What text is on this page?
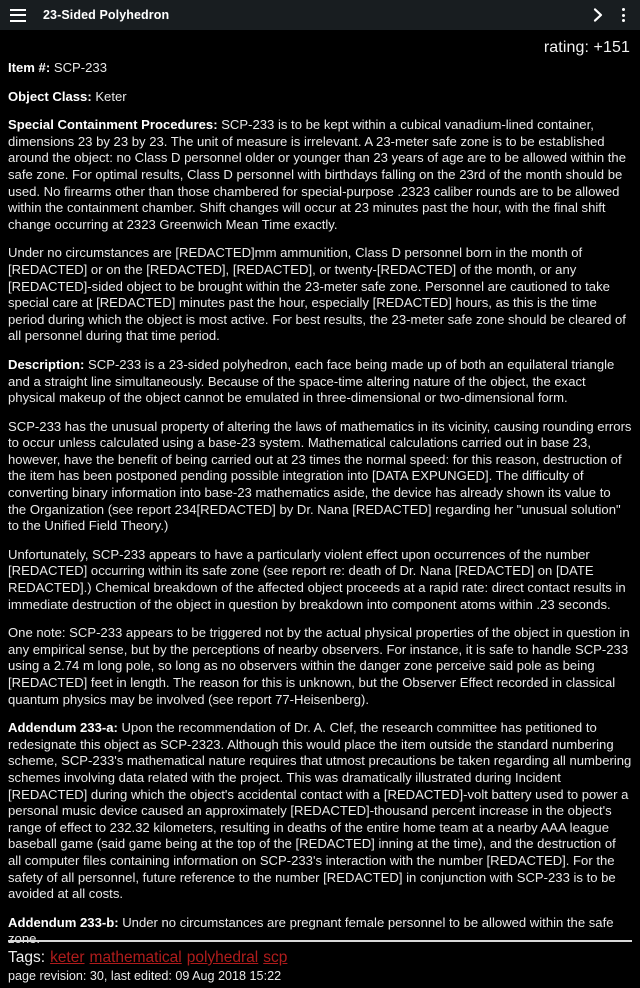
23-Sided Polyhedron
rating: +151

Item #: SCP-233

Object Class: Keter

Special Containment Procedures: SCP-233 is to be kept within a cubical vanadium-lined container, dimensions 23 by 23 by 23. The unit of measure is irrelevant. A 23-meter safe zone is to be established around the object: no Class D personnel older or younger than 23 years of age are to be allowed within the safe zone. For optimal results, Class D personnel with birthdays falling on the 23rd of the month should be used. No firearms other than those chambered for special-purpose .2323 caliber rounds are to be allowed within the containment chamber. Shift changes will occur at 23 minutes past the hour, with the final shift change occurring at 2323 Greenwich Mean Time exactly.

Under no circumstances are [REDACTED]mm ammunition, Class D personnel born in the month of [REDACTED] or on the [REDACTED], [REDACTED], or twenty-[REDACTED] of the month, or any [REDACTED]-sided object to be brought within the 23-meter safe zone. Personnel are cautioned to take special care at [REDACTED] minutes past the hour, especially [REDACTED] hours, as this is the time period during which the object is most active. For best results, the 23-meter safe zone should be cleared of all personnel during that time period.

Description: SCP-233 is a 23-sided polyhedron, each face being made up of both an equilateral triangle and a straight line simultaneously. Because of the space-time altering nature of the object, the exact physical makeup of the object cannot be emulated in three-dimensional or two-dimensional form.

SCP-233 has the unusual property of altering the laws of mathematics in its vicinity, causing rounding errors to occur unless calculated using a base-23 system. Mathematical calculations carried out in base 23, however, have the benefit of being carried out at 23 times the normal speed: for this reason, destruction of the item has been postponed pending possible integration into [DATA EXPUNGED]. The difficulty of converting binary information into base-23 mathematics aside, the device has already shown its value to the Organization (see report 234[REDACTED] by Dr. Nana [REDACTED] regarding her "unusual solution" to the Unified Field Theory.)

Unfortunately, SCP-233 appears to have a particularly violent effect upon occurrences of the number [REDACTED] occurring within its safe zone (see report re: death of Dr. Nana [REDACTED] on [DATE REDACTED].) Chemical breakdown of the affected object proceeds at a rapid rate: direct contact results in immediate destruction of the object in question by breakdown into component atoms within .23 seconds.

One note: SCP-233 appears to be triggered not by the actual physical properties of the object in question in any empirical sense, but by the perceptions of nearby observers. For instance, it is safe to handle SCP-233 using a 2.74 m long pole, so long as no observers within the danger zone perceive said pole as being [REDACTED] feet in length. The reason for this is unknown, but the Observer Effect recorded in classical quantum physics may be involved (see report 77-Heisenberg).

Addendum 233-a: Upon the recommendation of Dr. A. Clef, the research committee has petitioned to redesignate this object as SCP-2323. Although this would place the item outside the standard numbering scheme, SCP-233's mathematical nature requires that utmost precautions be taken regarding all numbering schemes involving data related with the project. This was dramatically illustrated during Incident [REDACTED] during which the object's accidental contact with a [REDACTED]-volt battery used to power a personal music device caused an approximately [REDACTED]-thousand percent increase in the object's range of effect to 232.32 kilometers, resulting in deaths of the entire home team at a nearby AAA league baseball game (said game being at the top of the [REDACTED] inning at the time), and the destruction of all computer files containing information on SCP-233's interaction with the number [REDACTED]. For the safety of all personnel, future reference to the number [REDACTED] in conjunction with SCP-233 is to be avoided at all costs.

Addendum 233-b: Under no circumstances are pregnant female personnel to be allowed within the safe zone.

Tags: keter mathematical polyhedral scp
page revision: 30, last edited: 09 Aug 2018 15:22
